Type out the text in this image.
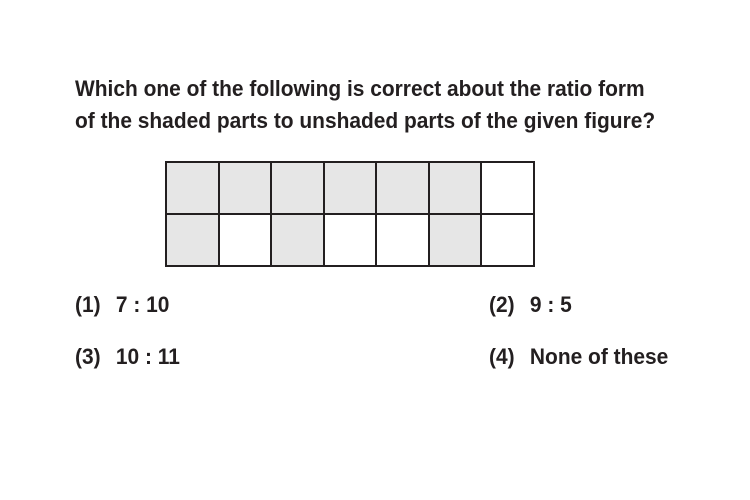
Which one of the following is correct about the ratio form
of the shaded parts to unshaded parts of the given figure?
(1) 7 : 10	(2) 9 : 5
(3) 10 : 11	(4) None of these
